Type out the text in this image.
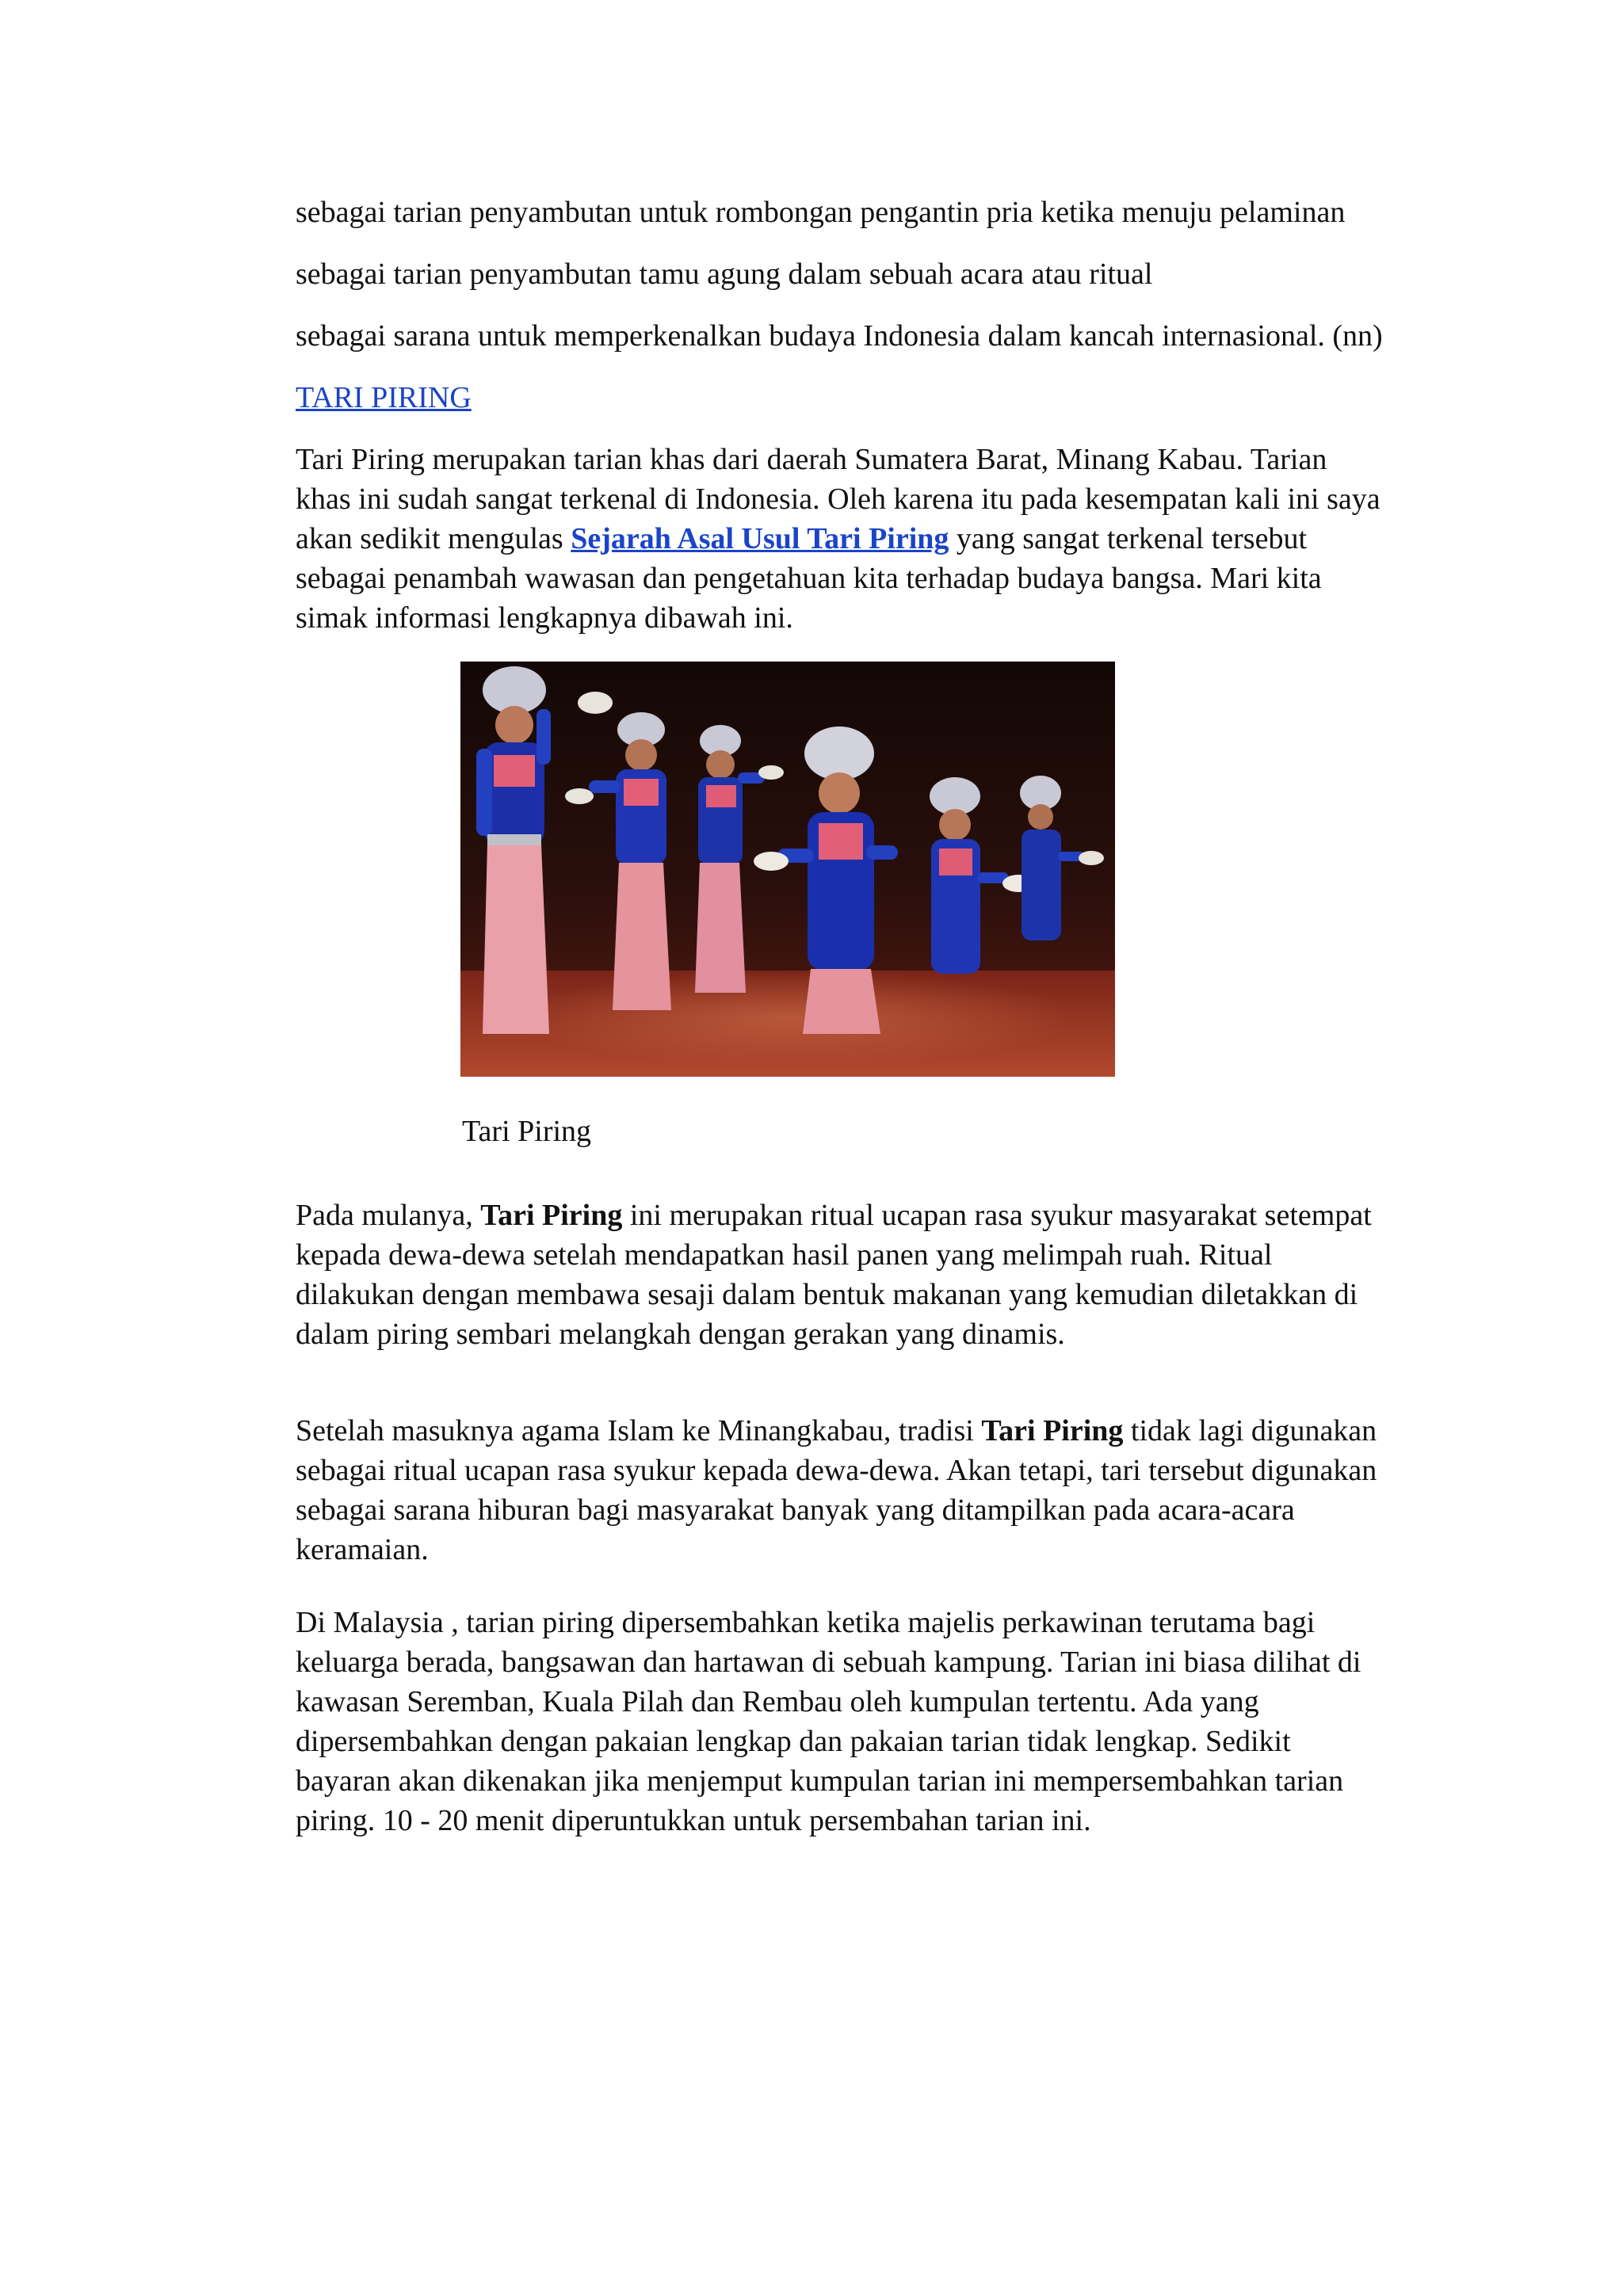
sebagai tarian penyambutan untuk rombongan pengantin pria ketika menuju pelaminan

sebagai tarian penyambutan tamu agung dalam sebuah acara atau ritual

sebagai sarana untuk memperkenalkan budaya Indonesia dalam kancah internasional. (nn)

TARI PIRING

Tari Piring merupakan tarian khas dari daerah Sumatera Barat, Minang Kabau. Tarian khas ini sudah sangat terkenal di Indonesia. Oleh karena itu pada kesempatan kali ini saya akan sedikit mengulas Sejarah Asal Usul Tari Piring yang sangat terkenal tersebut sebagai penambah wawasan dan pengetahuan kita terhadap budaya bangsa. Mari kita simak informasi lengkapnya dibawah ini.

Tari Piring

Pada mulanya, Tari Piring ini merupakan ritual ucapan rasa syukur masyarakat setempat kepada dewa-dewa setelah mendapatkan hasil panen yang melimpah ruah. Ritual dilakukan dengan membawa sesaji dalam bentuk makanan yang kemudian diletakkan di dalam piring sembari melangkah dengan gerakan yang dinamis.

Setelah masuknya agama Islam ke Minangkabau, tradisi Tari Piring tidak lagi digunakan sebagai ritual ucapan rasa syukur kepada dewa-dewa. Akan tetapi, tari tersebut digunakan sebagai sarana hiburan bagi masyarakat banyak yang ditampilkan pada acara-acara keramaian.

Di Malaysia , tarian piring dipersembahkan ketika majelis perkawinan terutama bagi keluarga berada, bangsawan dan hartawan di sebuah kampung. Tarian ini biasa dilihat di kawasan Seremban, Kuala Pilah dan Rembau oleh kumpulan tertentu. Ada yang dipersembahkan dengan pakaian lengkap dan pakaian tarian tidak lengkap. Sedikit bayaran akan dikenakan jika menjemput kumpulan tarian ini mempersembahkan tarian piring. 10 - 20 menit diperuntukkan untuk persembahan tarian ini.
